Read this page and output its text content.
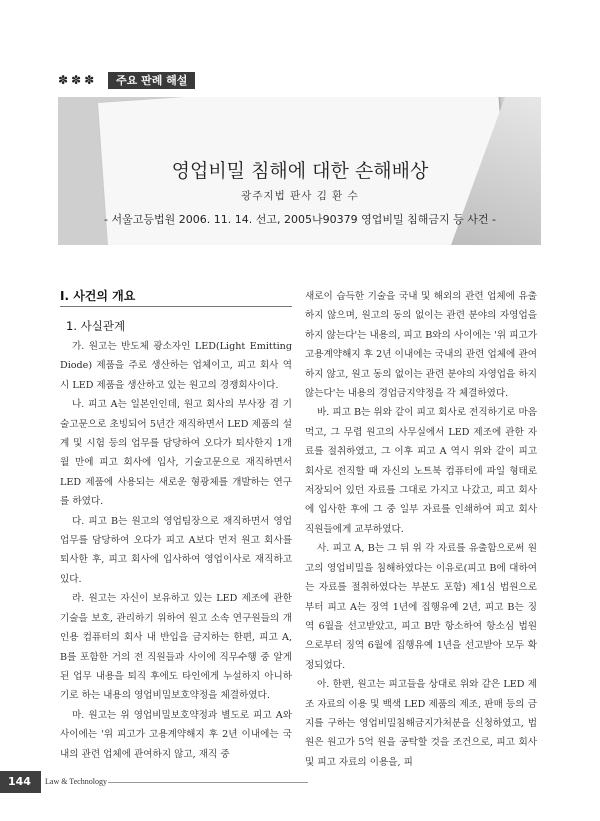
✽✽✽	주요 판례 해설
영업비밀 침해에 대한 손해배상
광주지법 판사 김 환 수
- 서울고등법원 2006. 11. 14. 선고, 2005나90379 영업비밀 침해금지 등 사건 -
I. 사건의 개요
1. 사실관계

가. 원고는 반도체 광소자인 LED(Light Emitting Diode) 제품을 주로 생산하는 업체이고, 피고 회사 역시 LED 제품을 생산하고 있는 원고의 경쟁회사이다.

나. 피고 A는 일본인인데, 원고 회사의 부사장 겸 기술고문으로 초빙되어 5년간 재직하면서 LED 제품의 설계 및 시험 등의 업무를 담당하여 오다가 퇴사한지 1개월 만에 피고 회사에 입사, 기술고문으로 재직하면서 LED 제품에 사용되는 새로운 형광체를 개발하는 연구를 하였다.

다. 피고 B는 원고의 영업팀장으로 재직하면서 영업 업무를 담당하여 오다가 피고 A보다 먼저 원고 회사를 퇴사한 후, 피고 회사에 입사하여 영업이사로 재직하고 있다.

라. 원고는 자신이 보유하고 있는 LED 제조에 관한 기술을 보호, 관리하기 위하여 원고 소속 연구원들의 개인용 컴퓨터의 회사 내 반입을 금지하는 한편, 피고 A, B를 포함한 거의 전 직원들과 사이에 직무수행 중 알게 된 업무 내용을 퇴직 후에도 타인에게 누설하지 아니하기로 하는 내용의 영업비밀보호약정을 체결하였다.

마. 원고는 위 영업비밀보호약정과 별도로 피고 A와 사이에는 '위 피고가 고용계약해지 후 2년 이내에는 국내의 관련 업체에 관여하지 않고, 재직 중

새로이 습득한 기술을 국내 및 해외의 관련 업체에 유출하지 않으며, 원고의 동의 없이는 관련 분야의 자영업을 하지 않는다'는 내용의, 피고 B와의 사이에는 '위 피고가 고용계약해지 후 2년 이내에는 국내의 관련 업체에 관여하지 않고, 원고 동의 없이는 관련 분야의 자영업을 하지 않는다'는 내용의 경업금지약정을 각 체결하였다.

바. 피고 B는 위와 같이 피고 회사로 전직하기로 마음먹고, 그 무렵 원고의 사무실에서 LED 제조에 관한 자료를 절취하였고, 그 이후 피고 A 역시 위와 같이 피고 회사로 전직할 때 자신의 노트북 컴퓨터에 파일 형태로 저장되어 있던 자료를 그대로 가지고 나갔고, 피고 회사에 입사한 후에 그 중 일부 자료를 인쇄하여 피고 회사 직원들에게 교부하였다.

사. 피고 A, B는 그 뒤 위 각 자료를 유출함으로써 원고의 영업비밀을 침해하였다는 이유로(피고 B에 대하여는 자료를 절취하였다는 부분도 포함) 제1심 법원으로부터 피고 A는 징역 1년에 집행유예 2년, 피고 B는 징역 6월을 선고받았고, 피고 B만 항소하여 항소심 법원으로부터 징역 6월에 집행유예 1년을 선고받아 모두 확정되었다.

아. 한편, 원고는 피고들을 상대로 위와 같은 LED 제조 자료의 이용 및 백색 LED 제품의 제조, 판매 등의 금지를 구하는 영업비밀침해금지가처분을 신청하였고, 법원은 원고가 5억 원을 공탁할 것을 조건으로, 피고 회사 및 피고 자료의 이용을, 피

144 Law & Technology
